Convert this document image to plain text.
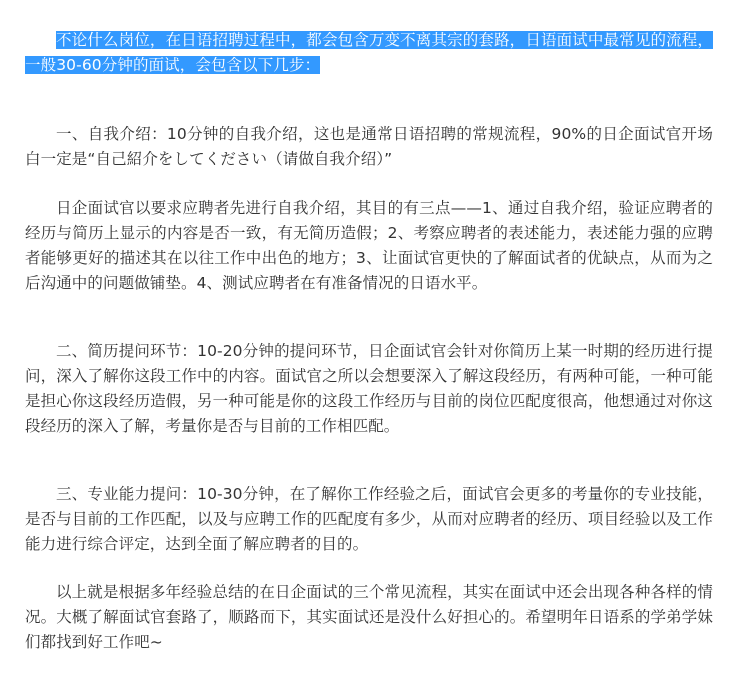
不论什么岗位，在日语招聘过程中，都会包含万变不离其宗的套路，日语面试中最常见的流程，一般30-60分钟的面试，会包含以下几步：

一、自我介绍：10分钟的自我介绍，这也是通常日语招聘的常规流程，90%的日企面试官开场白一定是“自己紹介をしてください（请做自我介绍）”

日企面试官以要求应聘者先进行自我介绍，其目的有三点——1、通过自我介绍，验证应聘者的经历与简历上显示的内容是否一致，有无简历造假；2、考察应聘者的表述能力，表述能力强的应聘者能够更好的描述其在以往工作中出色的地方；3、让面试官更快的了解面试者的优缺点，从而为之后沟通中的问题做铺垫。4、测试应聘者在有准备情况的日语水平。

二、简历提问环节：10-20分钟的提问环节，日企面试官会针对你简历上某一时期的经历进行提问，深入了解你这段工作中的内容。面试官之所以会想要深入了解这段经历，有两种可能，一种可能是担心你这段经历造假，另一种可能是你的这段工作经历与目前的岗位匹配度很高，他想通过对你这段经历的深入了解，考量你是否与目前的工作相匹配。

三、专业能力提问：10-30分钟，在了解你工作经验之后，面试官会更多的考量你的专业技能，是否与目前的工作匹配，以及与应聘工作的匹配度有多少，从而对应聘者的经历、项目经验以及工作能力进行综合评定，达到全面了解应聘者的目的。

以上就是根据多年经验总结的在日企面试的三个常见流程，其实在面试中还会出现各种各样的情况。大概了解面试官套路了，顺路而下，其实面试还是没什么好担心的。希望明年日语系的学弟学妹们都找到好工作吧~
